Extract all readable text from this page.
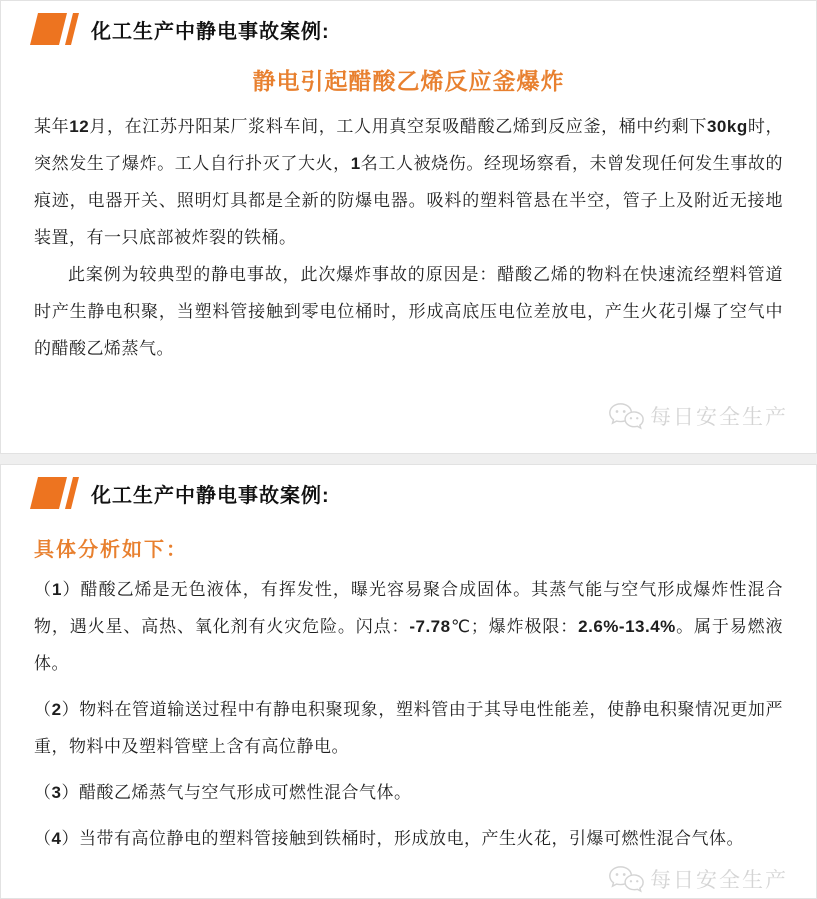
化工生产中静电事故案例:
静电引起醋酸乙烯反应釜爆炸

某年12月，在江苏丹阳某厂浆料车间，工人用真空泵吸醋酸乙烯到反应釜，桶中约剩下30kg时，突然发生了爆炸。工人自行扑灭了大火，1名工人被烧伤。经现场察看，未曾发现任何发生事故的痕迹，电器开关、照明灯具都是全新的防爆电器。吸料的塑料管悬在半空，管子上及附近无接地装置，有一只底部被炸裂的铁桶。

此案例为较典型的静电事故，此次爆炸事故的原因是：醋酸乙烯的物料在快速流经塑料管道时产生静电积聚，当塑料管接触到零电位桶时，形成高底压电位差放电，产生火花引爆了空气中的醋酸乙烯蒸气。

每日安全生产
化工生产中静电事故案例:
具体分析如下：

（1）醋酸乙烯是无色液体，有挥发性，曝光容易聚合成固体。其蒸气能与空气形成爆炸性混合物，遇火星、高热、氧化剂有火灾危险。闪点：-7.78℃；爆炸极限：2.6%-13.4%。属于易燃液体。

（2）物料在管道输送过程中有静电积聚现象，塑料管由于其导电性能差，使静电积聚情况更加严重，物料中及塑料管壁上含有高位静电。

（3）醋酸乙烯蒸气与空气形成可燃性混合气体。

（4）当带有高位静电的塑料管接触到铁桶时，形成放电，产生火花，引爆可燃性混合气体。

每日安全生产
